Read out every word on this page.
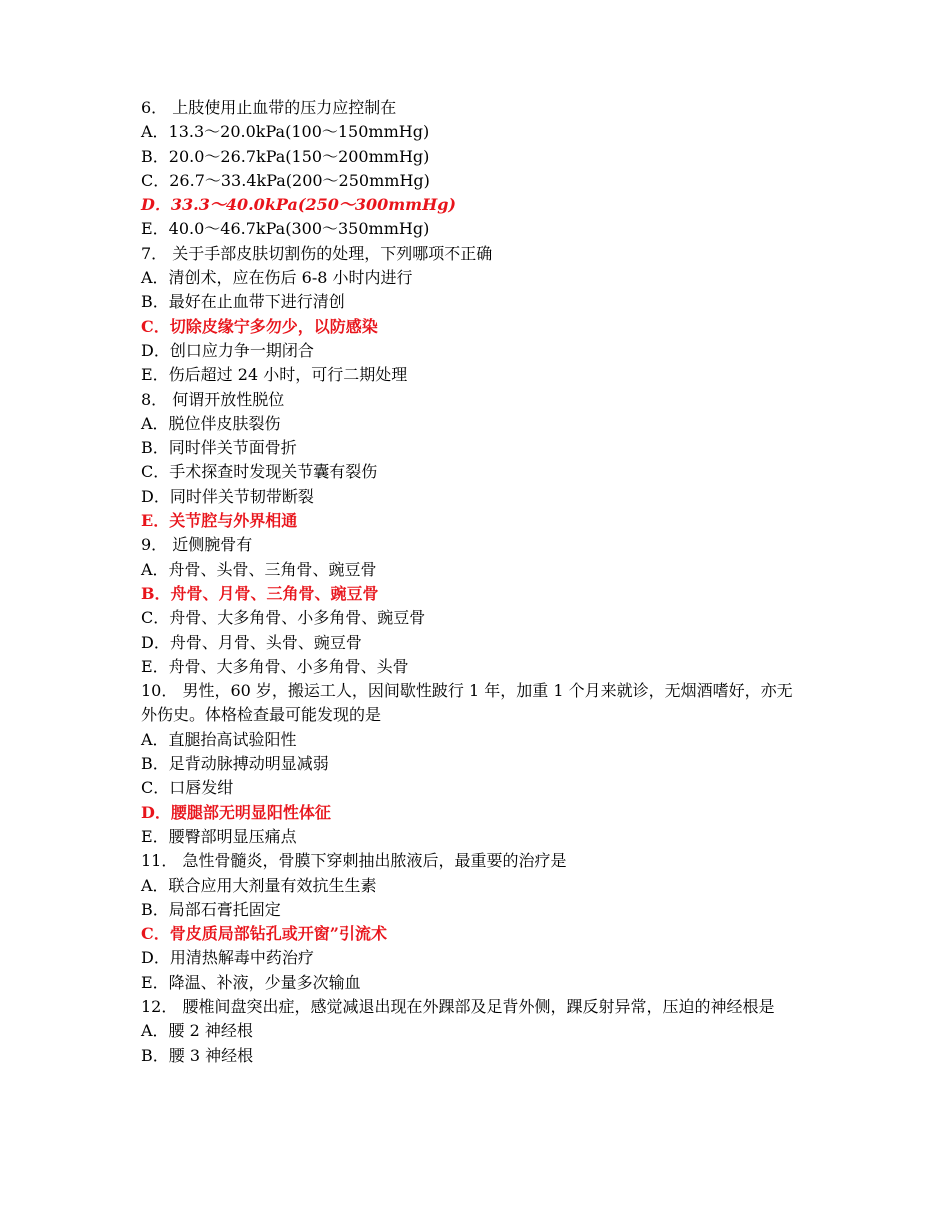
6． 上肢使用止血带的压力应控制在
A．13.3～20.0kPa(100～150mmHg)
B．20.0～26.7kPa(150～200mmHg)
C．26.7～33.4kPa(200～250mmHg)
D．33.3～40.0kPa(250～300mmHg)
E．40.0～46.7kPa(300～350mmHg)
7． 关于手部皮肤切割伤的处理，下列哪项不正确
A．清创术，应在伤后 6-8 小时内进行
B．最好在止血带下进行清创
C．切除皮缘宁多勿少，以防感染
D．创口应力争一期闭合
E．伤后超过 24 小时，可行二期处理
8． 何谓开放性脱位
A．脱位伴皮肤裂伤
B．同时伴关节面骨折
C．手术探查时发现关节囊有裂伤
D．同时伴关节韧带断裂
E．关节腔与外界相通
9． 近侧腕骨有
A．舟骨、头骨、三角骨、豌豆骨
B．舟骨、月骨、三角骨、豌豆骨
C．舟骨、大多角骨、小多角骨、豌豆骨
D．舟骨、月骨、头骨、豌豆骨
E．舟骨、大多角骨、小多角骨、头骨
10． 男性，60 岁，搬运工人，因间歇性跛行 1 年，加重 1 个月来就诊，无烟酒嗜好，亦无外伤史。体格检查最可能发现的是
A．直腿抬高试验阳性
B．足背动脉搏动明显减弱
C．口唇发绀
D．腰腿部无明显阳性体征
E．腰臀部明显压痛点
11． 急性骨髓炎，骨膜下穿刺抽出脓液后，最重要的治疗是
A．联合应用大剂量有效抗生生素
B．局部石膏托固定
C．骨皮质局部钻孔或开窗”引流术
D．用清热解毒中药治疗
E．降温、补液，少量多次输血
12． 腰椎间盘突出症，感觉减退出现在外踝部及足背外侧，踝反射异常，压迫的神经根是
A．腰 2 神经根
B．腰 3 神经根
